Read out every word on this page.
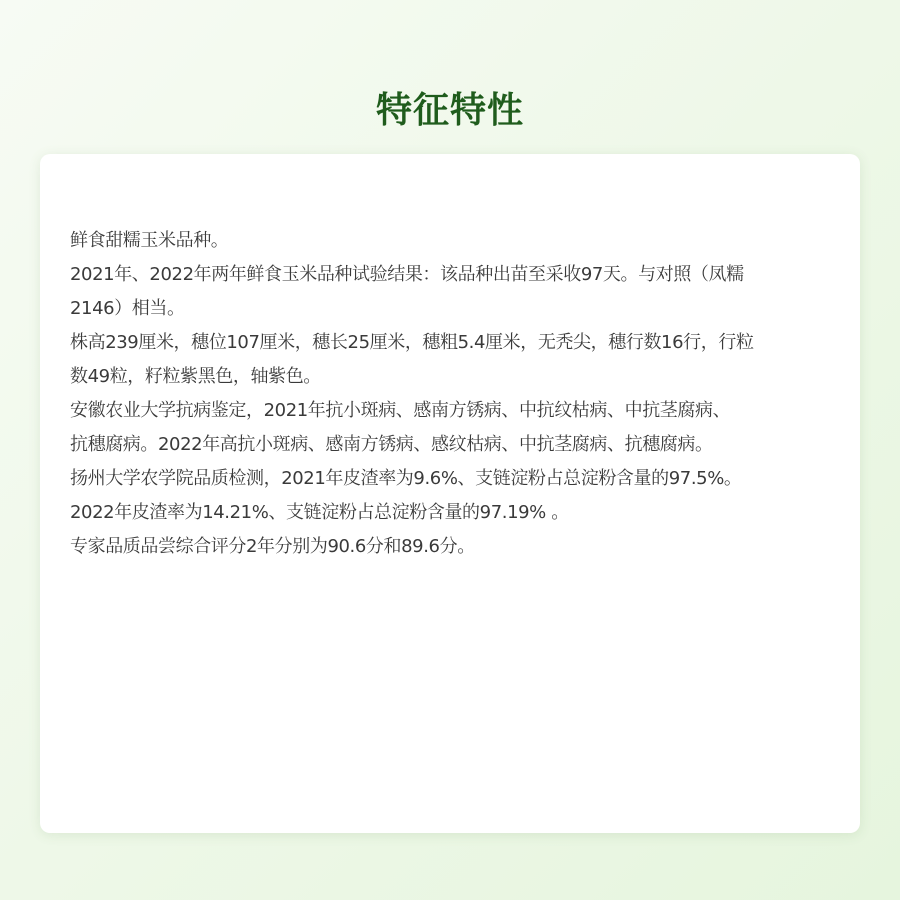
特征特性
鲜食甜糯玉米品种。
2021年、2022年两年鲜食玉米品种试验结果：该品种出苗至采收97天。与对照（凤糯
2146）相当。
株高239厘米，穗位107厘米，穗长25厘米，穗粗5.4厘米，无秃尖，穗行数16行，行粒
数49粒，籽粒紫黑色，轴紫色。
安徽农业大学抗病鉴定，2021年抗小斑病、感南方锈病、中抗纹枯病、中抗茎腐病、
抗穗腐病。2022年高抗小斑病、感南方锈病、感纹枯病、中抗茎腐病、抗穗腐病。
扬州大学农学院品质检测，2021年皮渣率为9.6%、支链淀粉占总淀粉含量的97.5%。
2022年皮渣率为14.21%、支链淀粉占总淀粉含量的97.19% 。
专家品质品尝综合评分2年分别为90.6分和89.6分。
